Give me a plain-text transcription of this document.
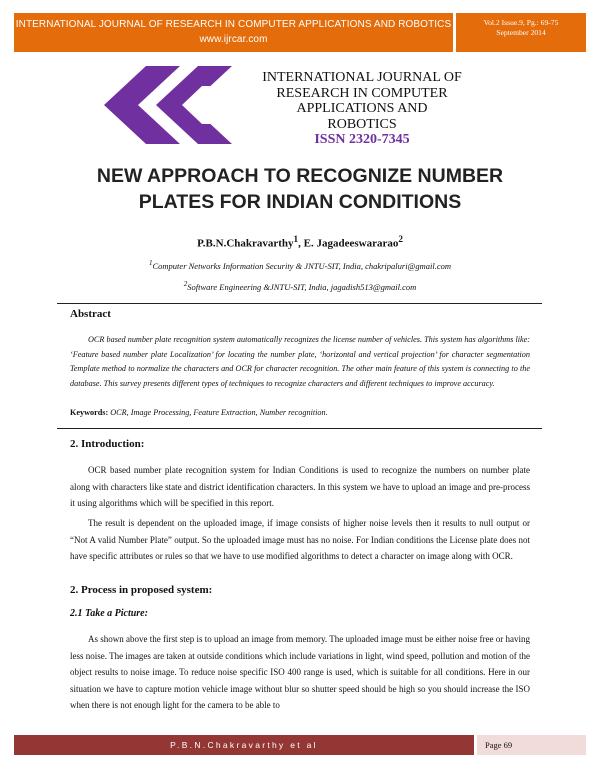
INTERNATIONAL JOURNAL OF RESEARCH IN COMPUTER APPLICATIONS AND ROBOTICS
www.ijrcar.com
Vol.2 Issue.9, Pg.: 69-75
September 2014
INTERNATIONAL JOURNAL OF
RESEARCH IN COMPUTER
APPLICATIONS AND ROBOTICS
ISSN 2320-7345
NEW APPROACH TO RECOGNIZE NUMBER
PLATES FOR INDIAN CONDITIONS
P.B.N.Chakravarthy$^1$, E. Jagadeeswararao$^2$
$^1$Computer Networks Information Security & JNTU-SIT, India, chakripaluri@gmail.com
$^2$Software Engineering &JNTU-SIT, India, jagadish513@gmail.com
Abstract
OCR based number plate recognition system automatically recognizes the license number of vehicles. This system has algorithms like: ‘Feature based number plate Localization’ for locating the number plate, ‘horizontal and vertical projection’ for character segmentation Template method to normalize the characters and OCR for character recognition. The other main feature of this system is connecting to the database. This survey presents different types of techniques to recognize characters and different techniques to improve accuracy.
Keywords: OCR, Image Processing, Feature Extraction, Number recognition.
2. Introduction:
OCR based number plate recognition system for Indian Conditions is used to recognize the numbers on number plate along with characters like state and district identification characters. In this system we have to upload an image and pre-process it using algorithms which will be specified in this report.
The result is dependent on the uploaded image, if image consists of higher noise levels then it results to null output or “Not A valid Number Plate” output. So the uploaded image must has no noise. For Indian conditions the License plate does not have specific attributes or rules so that we have to use modified algorithms to detect a character on image along with OCR.
2. Process in proposed system:
2.1 Take a Picture:
As shown above the first step is to upload an image from memory. The uploaded image must be either noise free or having less noise. The images are taken at outside conditions which include variations in light, wind speed, pollution and motion of the object results to noise image. To reduce noise specific ISO 400 range is used, which is suitable for all conditions. Here in our situation we have to capture motion vehicle image without blur so shutter speed should be high so you should increase the ISO when there is not enough light for the camera to be able to
P.B.N.Chakravarthy et al	Page 69
